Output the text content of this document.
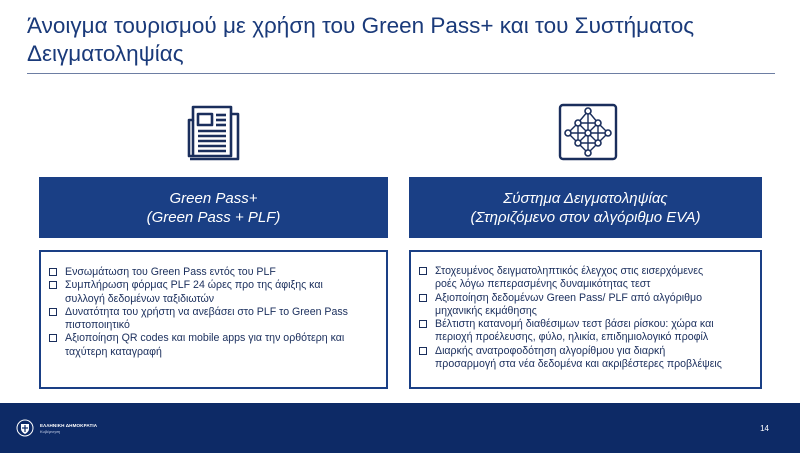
Άνοιγμα τουρισμού με χρήση του Green Pass+ και του Συστήματος
Δειγματοληψίας
Green Pass+
(Green Pass + PLF)
Σύστημα Δειγματοληψίας
(Στηριζόμενο στον αλγόριθμο EVA)
Ενσωμάτωση του Green Pass εντός του PLF
Συμπλήρωση φόρμας PLF 24 ώρες προ της άφιξης και
συλλογή δεδομένων ταξιδιωτών
Δυνατότητα του χρήστη να ανεβάσει στο PLF το Green Pass
πιστοποιητικό
Αξιοποίηση QR codes και mobile apps για την ορθότερη και
ταχύτερη καταγραφή
Στοχευμένος δειγματοληπτικός έλεγχος στις εισερχόμενες
ροές λόγω πεπερασμένης δυναμικότητας τεστ
Αξιοποίηση δεδομένων Green Pass/ PLF από αλγόριθμο
μηχανικής εκμάθησης
Βέλτιστη κατανομή διαθέσιμων τεστ βάσει ρίσκου: χώρα και
περιοχή προέλευσης, φύλο, ηλικία, επιδημιολογικό προφίλ
Διαρκής ανατροφοδότηση αλγορίθμου για διαρκή
προσαρμογή στα νέα δεδομένα και ακριβέστερες προβλέψεις
ΕΛΛΗΝΙΚΗ ΔΗΜΟΚΡΑΤΙΑ
Κυβέρνηση	14
